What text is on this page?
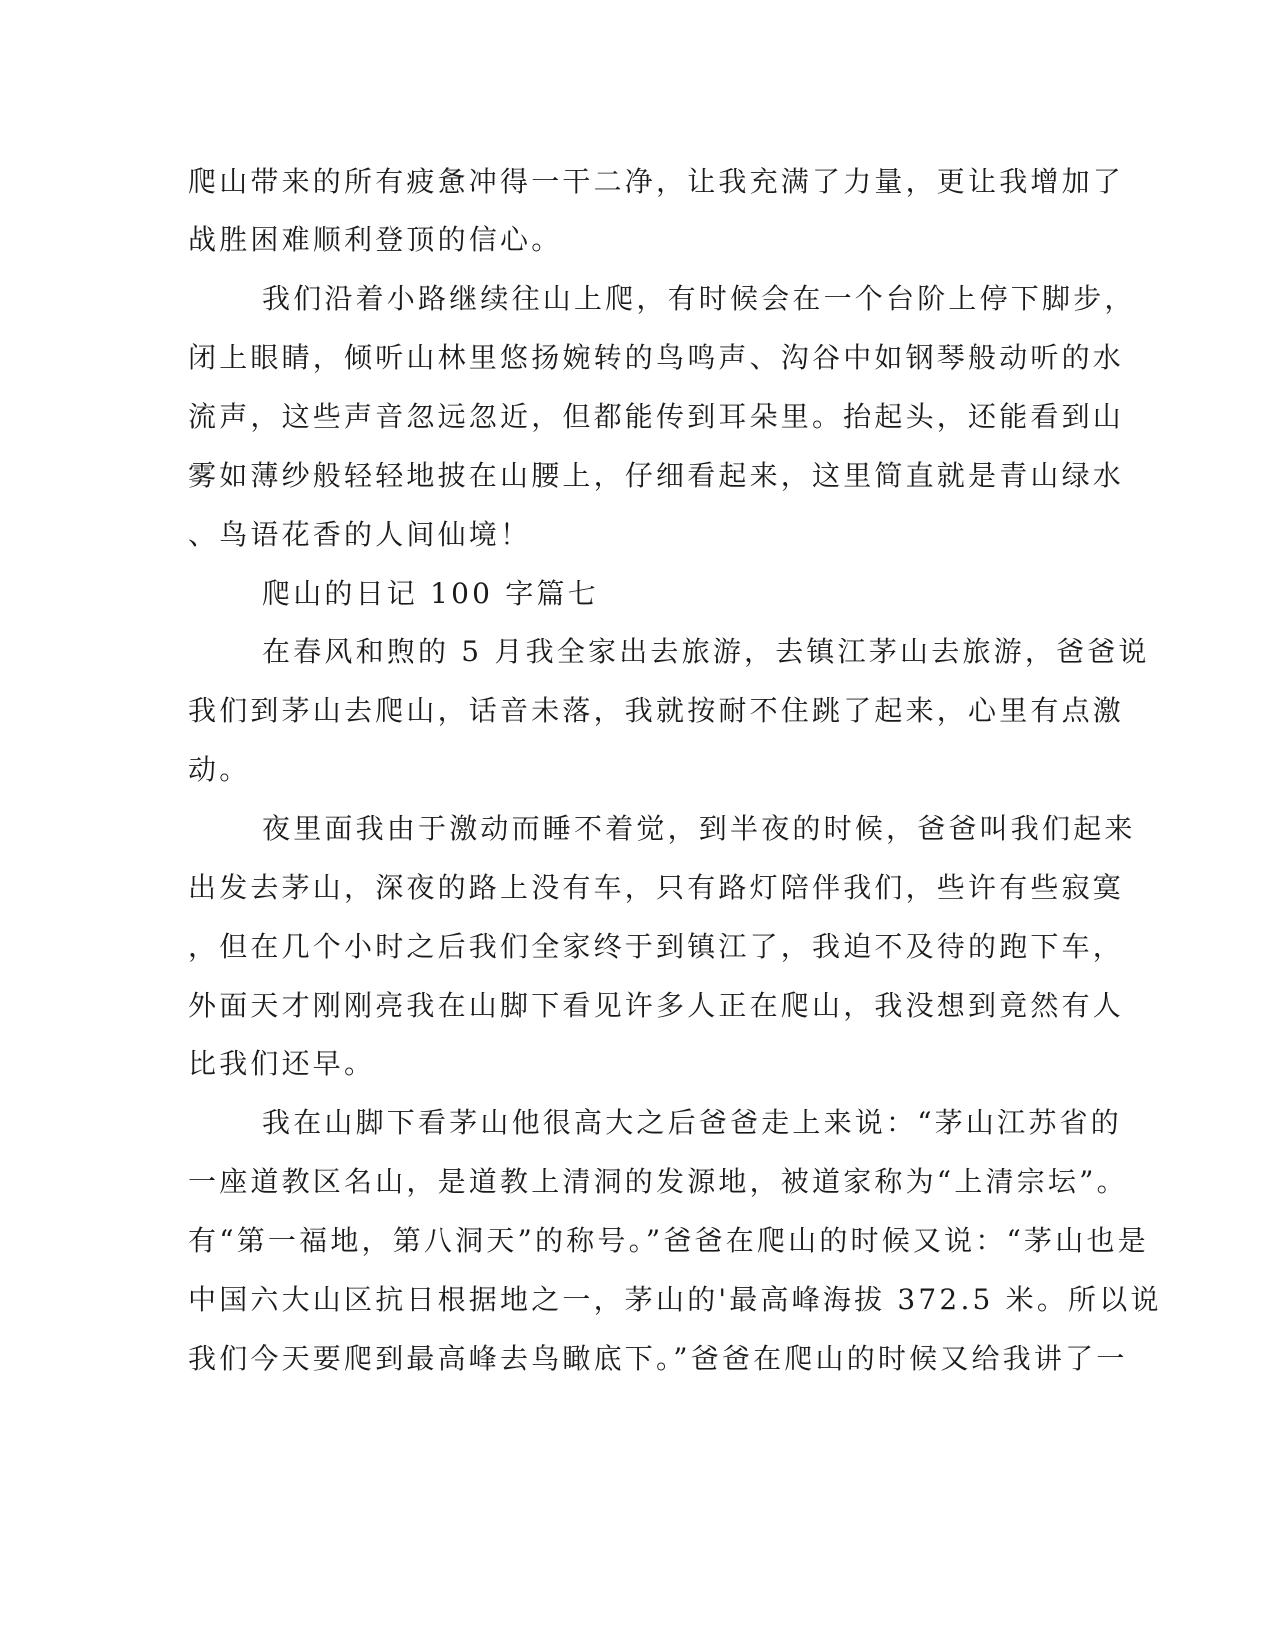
爬山带来的所有疲惫冲得一干二净，让我充满了力量，更让我增加了
战胜困难顺利登顶的信心。
我们沿着小路继续往山上爬，有时候会在一个台阶上停下脚步，
闭上眼睛，倾听山林里悠扬婉转的鸟鸣声、沟谷中如钢琴般动听的水
流声，这些声音忽远忽近，但都能传到耳朵里。抬起头，还能看到山
雾如薄纱般轻轻地披在山腰上，仔细看起来，这里简直就是青山绿水
、鸟语花香的人间仙境！
爬山的日记 100 字篇七
在春风和煦的 5 月我全家出去旅游，去镇江茅山去旅游，爸爸说
我们到茅山去爬山，话音未落，我就按耐不住跳了起来，心里有点激
动。
夜里面我由于激动而睡不着觉，到半夜的时候，爸爸叫我们起来
出发去茅山，深夜的路上没有车，只有路灯陪伴我们，些许有些寂寞
，但在几个小时之后我们全家终于到镇江了，我迫不及待的跑下车，
外面天才刚刚亮我在山脚下看见许多人正在爬山，我没想到竟然有人
比我们还早。
我在山脚下看茅山他很高大之后爸爸走上来说：“茅山江苏省的
一座道教区名山，是道教上清洞的发源地，被道家称为“上清宗坛”。
有“第一福地，第八洞天”的称号。”爸爸在爬山的时候又说：“茅山也是
中国六大山区抗日根据地之一，茅山的'最高峰海拔 372.5 米。所以说
我们今天要爬到最高峰去鸟瞰底下。”爸爸在爬山的时候又给我讲了一
